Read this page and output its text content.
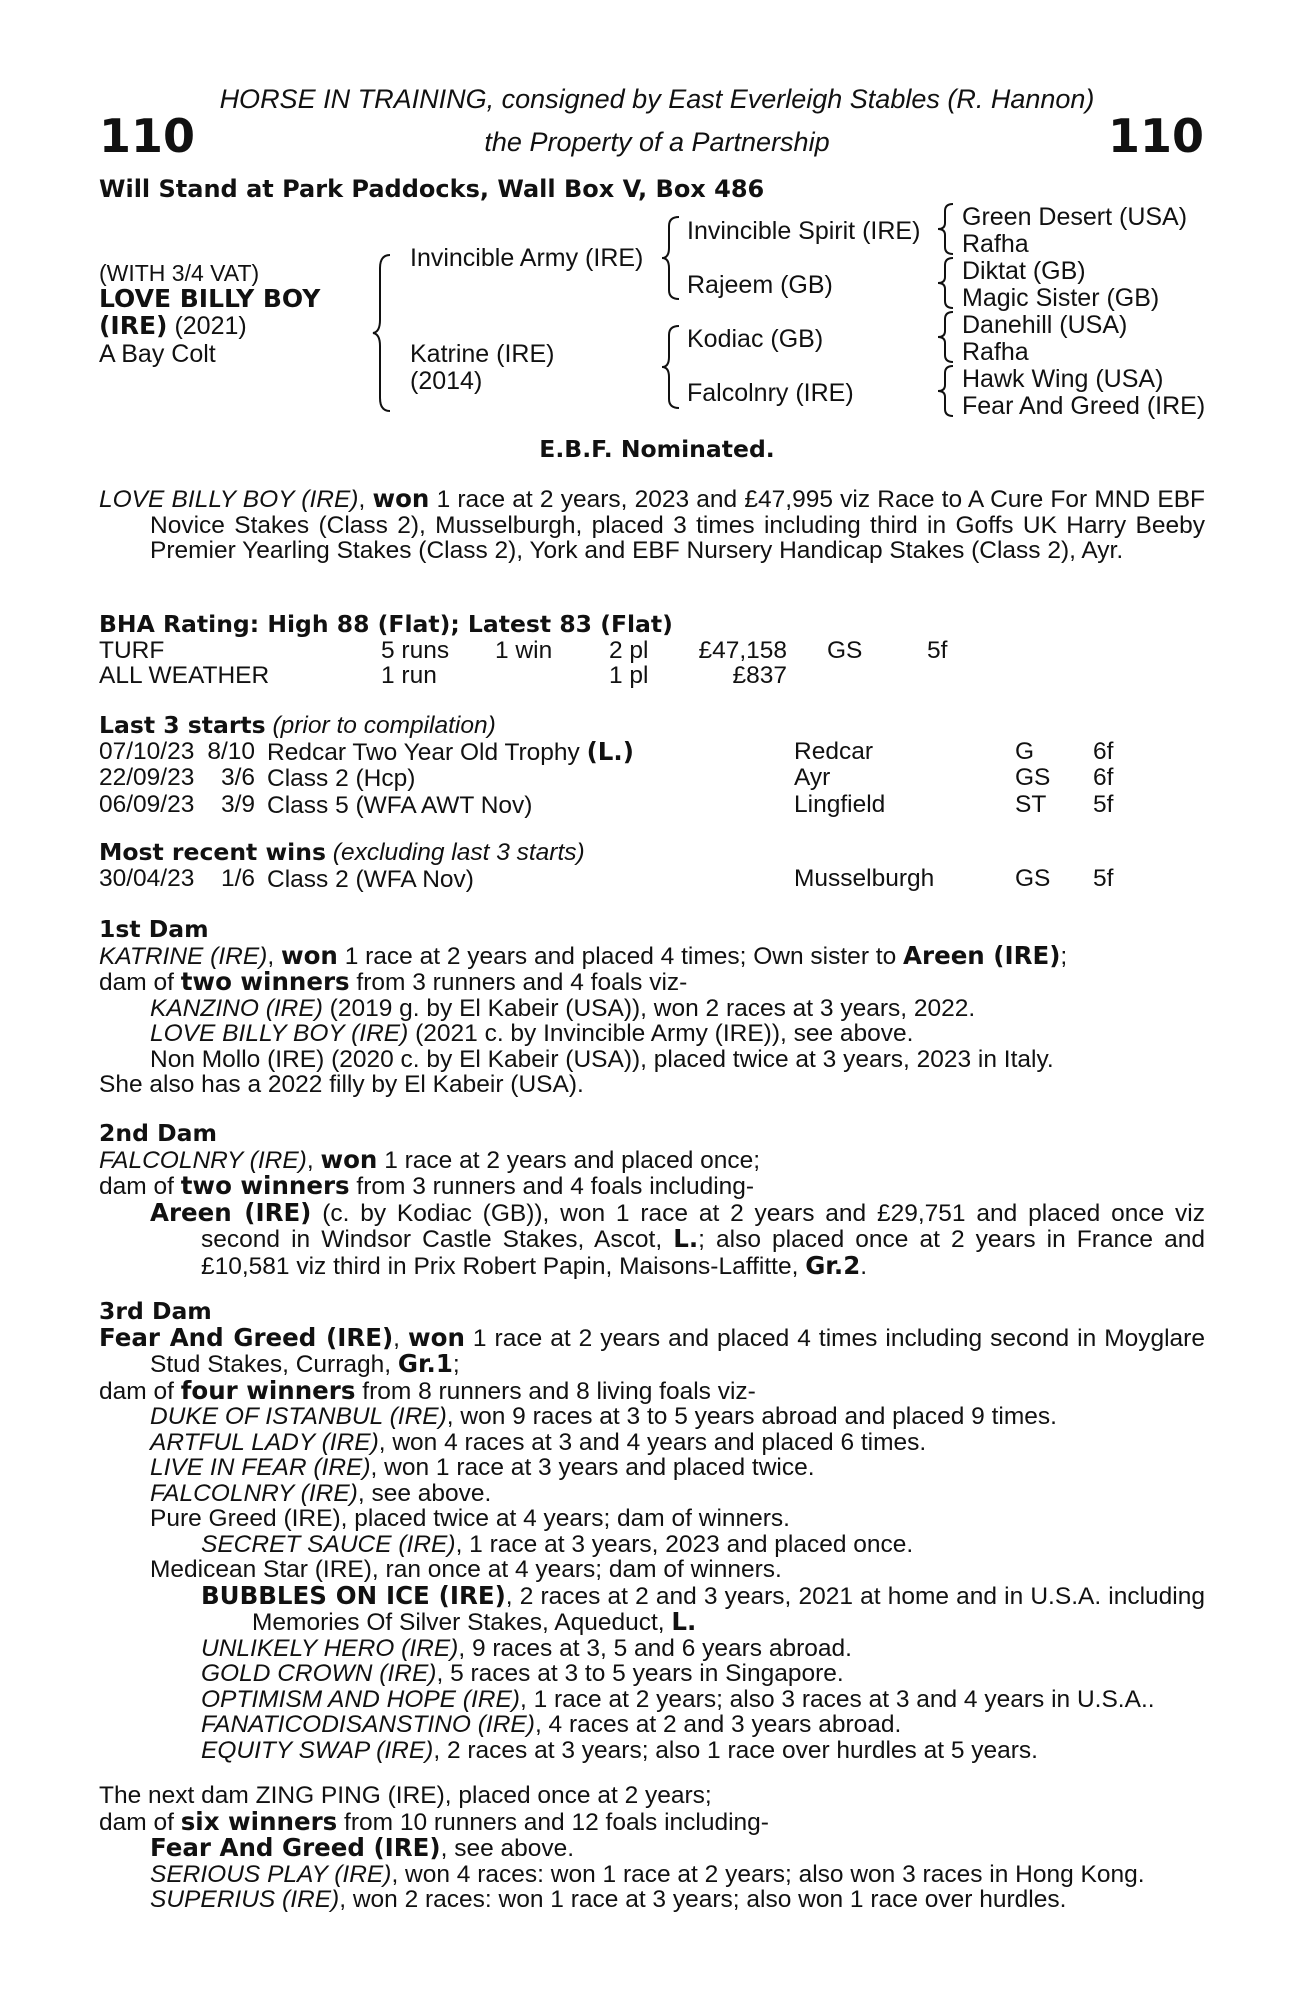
HORSE IN TRAINING, consigned by East Everleigh Stables (R. Hannon)
the Property of a Partnership
110	110
Will Stand at Park Paddocks, Wall Box V, Box 486
(WITH 3/4 VAT)
LOVE BILLY BOY
(IRE) (2021)
A Bay Colt
Invincible Army (IRE)
Katrine (IRE)
(2014)
Invincible Spirit (IRE)
Rajeem (GB)
Kodiac (GB)
Falcolnry (IRE)
Green Desert (USA)
Rafha
Diktat (GB)
Magic Sister (GB)
Danehill (USA)
Rafha
Hawk Wing (USA)
Fear And Greed (IRE)
E.B.F. Nominated.

LOVE BILLY BOY (IRE), won 1 race at 2 years, 2023 and £47,995 viz Race to A Cure For MND EBF Novice Stakes (Class 2), Musselburgh, placed 3 times including third in Goffs UK Harry Beeby Premier Yearling Stakes (Class 2), York and EBF Nursery Handicap Stakes (Class 2), Ayr.

BHA Rating: High 88 (Flat); Latest 83 (Flat)
TURF	5 runs	1 win	2 pl	£47,158		GS	5f
ALL WEATHER	1 run		1 pl	£837			
Last 3 starts (prior to compilation)
07/10/23	8/10		Redcar Two Year Old Trophy (L.)	Redcar	G	6f
22/09/23	3/6		Class 2 (Hcp)	Ayr	GS	6f
06/09/23	3/9		Class 5 (WFA AWT Nov)	Lingfield	ST	5f
Most recent wins (excluding last 3 starts)
30/04/23	1/6		Class 2 (WFA Nov)	Musselburgh	GS	5f
1st Dam

KATRINE (IRE), won 1 race at 2 years and placed 4 times; Own sister to Areen (IRE);

dam of two winners from 3 runners and 4 foals viz-

KANZINO (IRE) (2019 g. by El Kabeir (USA)), won 2 races at 3 years, 2022.

LOVE BILLY BOY (IRE) (2021 c. by Invincible Army (IRE)), see above.

Non Mollo (IRE) (2020 c. by El Kabeir (USA)), placed twice at 3 years, 2023 in Italy.

She also has a 2022 filly by El Kabeir (USA).

2nd Dam

FALCOLNRY (IRE), won 1 race at 2 years and placed once;

dam of two winners from 3 runners and 4 foals including-

Areen (IRE) (c. by Kodiac (GB)), won 1 race at 2 years and £29,751 and placed once viz second in Windsor Castle Stakes, Ascot, L.; also placed once at 2 years in France and £10,581 viz third in Prix Robert Papin, Maisons-Laffitte, Gr.2.

3rd Dam

Fear And Greed (IRE), won 1 race at 2 years and placed 4 times including second in Moyglare Stud Stakes, Curragh, Gr.1;

dam of four winners from 8 runners and 8 living foals viz-

DUKE OF ISTANBUL (IRE), won 9 races at 3 to 5 years abroad and placed 9 times.

ARTFUL LADY (IRE), won 4 races at 3 and 4 years and placed 6 times.

LIVE IN FEAR (IRE), won 1 race at 3 years and placed twice.

FALCOLNRY (IRE), see above.

Pure Greed (IRE), placed twice at 4 years; dam of winners.

SECRET SAUCE (IRE), 1 race at 3 years, 2023 and placed once.

Medicean Star (IRE), ran once at 4 years; dam of winners.

BUBBLES ON ICE (IRE), 2 races at 2 and 3 years, 2021 at home and in U.S.A. including Memories Of Silver Stakes, Aqueduct, L.

UNLIKELY HERO (IRE), 9 races at 3, 5 and 6 years abroad.

GOLD CROWN (IRE), 5 races at 3 to 5 years in Singapore.

OPTIMISM AND HOPE (IRE), 1 race at 2 years; also 3 races at 3 and 4 years in U.S.A..

FANATICODISANSTINO (IRE), 4 races at 2 and 3 years abroad.

EQUITY SWAP (IRE), 2 races at 3 years; also 1 race over hurdles at 5 years.

The next dam ZING PING (IRE), placed once at 2 years;

dam of six winners from 10 runners and 12 foals including-

Fear And Greed (IRE), see above.

SERIOUS PLAY (IRE), won 4 races: won 1 race at 2 years; also won 3 races in Hong Kong.

SUPERIUS (IRE), won 2 races: won 1 race at 3 years; also won 1 race over hurdles.
